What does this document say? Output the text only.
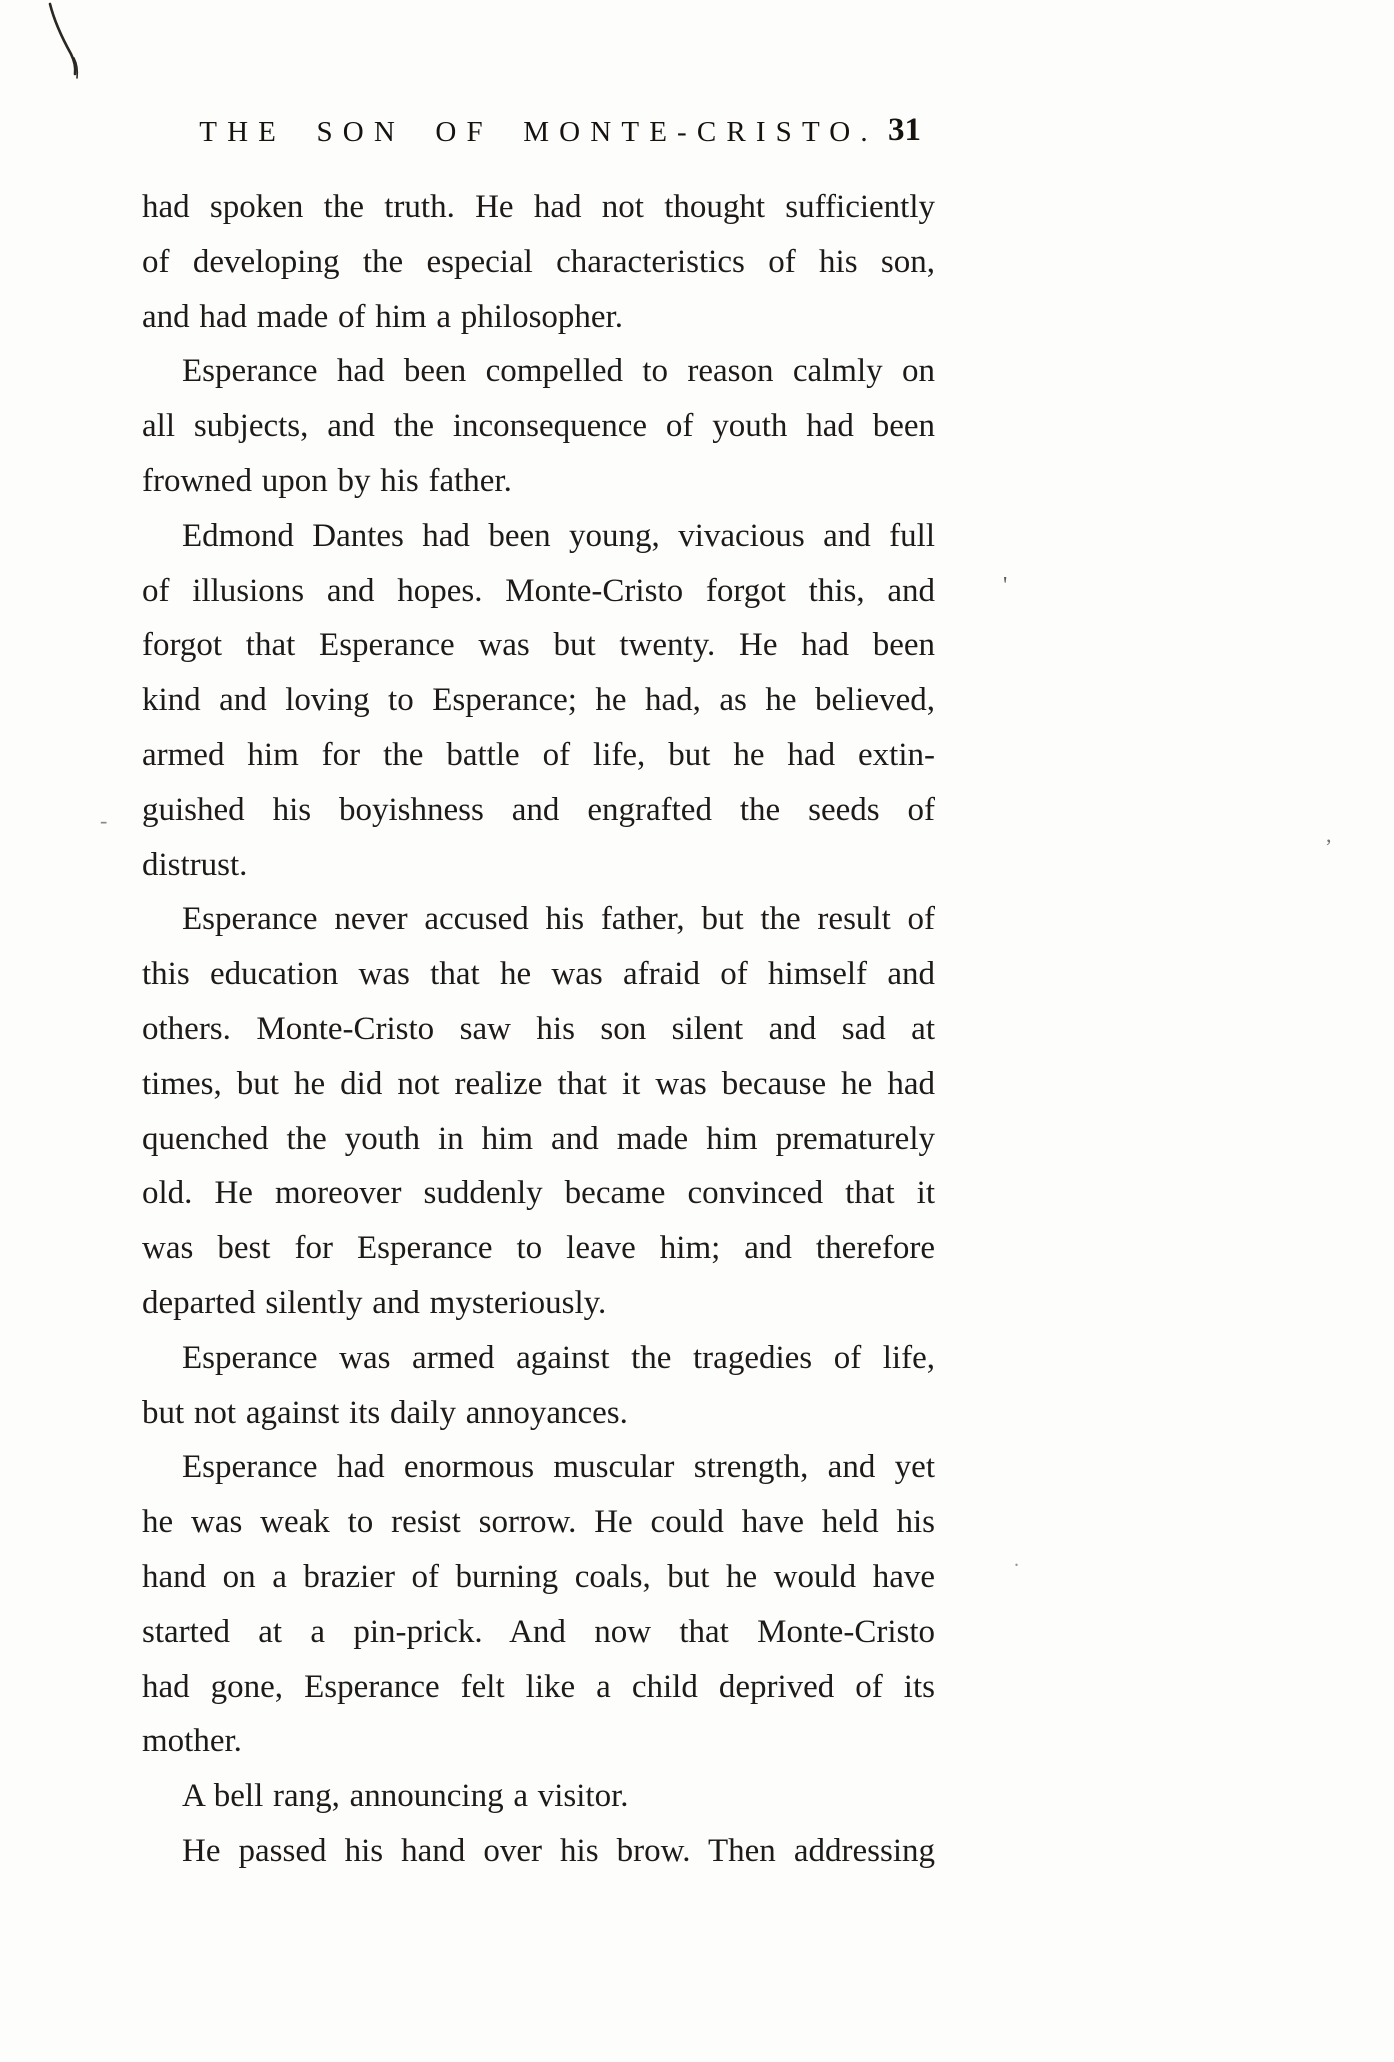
THE SON OF MONTE-CRISTO. 31
had spoken the truth. He had not thought sufficiently
of developing the especial characteristics of his son,
and had made of him a philosopher.
Esperance had been compelled to reason calmly on
all subjects, and the inconsequence of youth had been
frowned upon by his father.
Edmond Dantes had been young, vivacious and full
of illusions and hopes. Monte-Cristo forgot this, and
forgot that Esperance was but twenty. He had been
kind and loving to Esperance; he had, as he believed,
armed him for the battle of life, but he had extin-
guished his boyishness and engrafted the seeds of
distrust.
Esperance never accused his father, but the result of
this education was that he was afraid of himself and
others. Monte-Cristo saw his son silent and sad at
times, but he did not realize that it was because he had
quenched the youth in him and made him prematurely
old. He moreover suddenly became convinced that it
was best for Esperance to leave him; and therefore
departed silently and mysteriously.
Esperance was armed against the tragedies of life,
but not against its daily annoyances.
Esperance had enormous muscular strength, and yet
he was weak to resist sorrow. He could have held his
hand on a brazier of burning coals, but he would have
started at a pin-prick. And now that Monte-Cristo
had gone, Esperance felt like a child deprived of its
mother.
A bell rang, announcing a visitor.
He passed his hand over his brow. Then addressing
'
,
-
.
